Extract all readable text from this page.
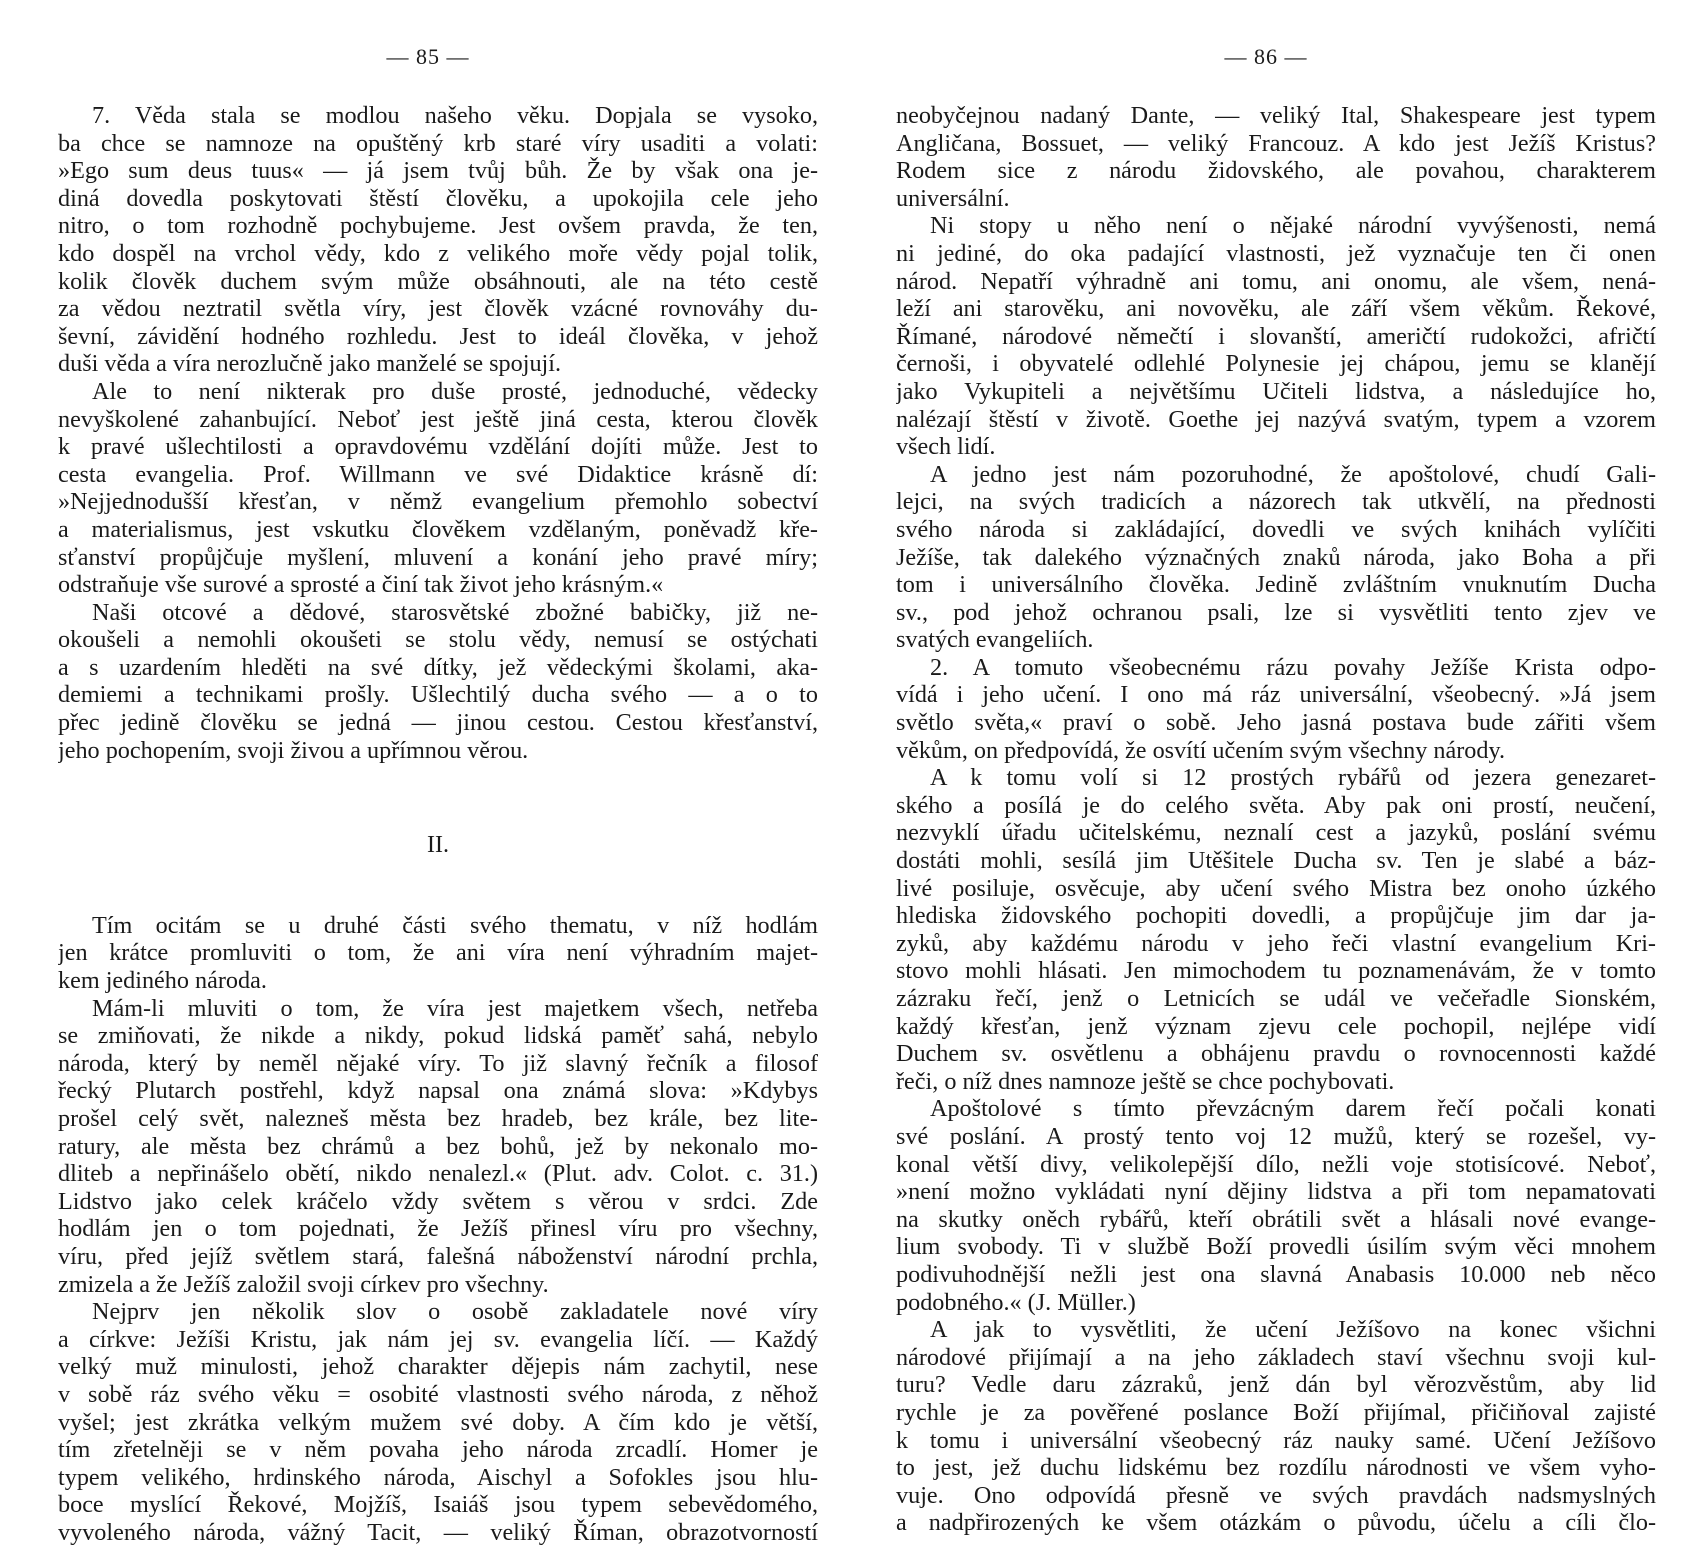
— 85 —
7. Věda stala se modlou našeho věku. Dopjala se vysoko,
ba chce se namnoze na opuštěný krb staré víry usaditi a volati:
»Ego sum deus tuus« — já jsem tvůj bůh. Že by však ona je-
diná dovedla poskytovati štěstí člověku, a upokojila cele jeho
nitro, o tom rozhodně pochybujeme. Jest ovšem pravda, že ten,
kdo dospěl na vrchol vědy, kdo z velikého moře vědy pojal tolik,
kolik člověk duchem svým může obsáhnouti, ale na této cestě
za vědou neztratil světla víry, jest člověk vzácné rovnováhy du-
ševní, závidění hodného rozhledu. Jest to ideál člověka, v jehož
duši věda a víra nerozlučně jako manželé se spojují.
Ale to není nikterak pro duše prosté, jednoduché, vědecky
nevyškolené zahanbující. Neboť jest ještě jiná cesta, kterou člověk
k pravé ušlechtilosti a opravdovému vzdělání dojíti může. Jest to
cesta evangelia. Prof. Willmann ve své Didaktice krásně dí:
»Nejjednodušší křesťan, v němž evangelium přemohlo sobectví
a materialismus, jest vskutku člověkem vzdělaným, poněvadž kře-
sťanství propůjčuje myšlení, mluvení a konání jeho pravé míry;
odstraňuje vše surové a sprosté a činí tak život jeho krásným.«
Naši otcové a dědové, starosvětské zbožné babičky, již ne-
okoušeli a nemohli okoušeti se stolu vědy, nemusí se ostýchati
a s uzardením hleděti na své dítky, jež vědeckými školami, aka-
demiemi a technikami prošly. Ušlechtilý ducha svého — a o to
přec jedině člověku se jedná — jinou cestou. Cestou křesťanství,
jeho pochopením, svoji živou a upřímnou věrou.
II.
Tím ocitám se u druhé části svého thematu, v níž hodlám
jen krátce promluviti o tom, že ani víra není výhradním majet-
kem jediného národa.
Mám-li mluviti o tom, že víra jest majetkem všech, netřeba
se zmiňovati, že nikde a nikdy, pokud lidská paměť sahá, nebylo
národa, který by neměl nějaké víry. To již slavný řečník a filosof
řecký Plutarch postřehl, když napsal ona známá slova: »Kdybys
prošel celý svět, nalezneš města bez hradeb, bez krále, bez lite-
ratury, ale města bez chrámů a bez bohů, jež by nekonalo mo-
dliteb a nepřinášelo obětí, nikdo nenalezl.« (Plut. adv. Colot. c. 31.)
Lidstvo jako celek kráčelo vždy světem s věrou v srdci. Zde
hodlám jen o tom pojednati, že Ježíš přinesl víru pro všechny,
víru, před jejíž světlem stará, falešná náboženství národní prchla,
zmizela a že Ježíš založil svoji církev pro všechny.
Nejprv jen několik slov o osobě zakladatele nové víry
a církve: Ježíši Kristu, jak nám jej sv. evangelia líčí. — Každý
velký muž minulosti, jehož charakter dějepis nám zachytil, nese
v sobě ráz svého věku = osobité vlastnosti svého národa, z něhož
vyšel; jest zkrátka velkým mužem své doby. A čím kdo je větší,
tím zřetelněji se v něm povaha jeho národa zrcadlí. Homer je
typem velikého, hrdinského národa, Aischyl a Sofokles jsou hlu-
boce myslící Řekové, Mojžíš, Isaiáš jsou typem sebevědomého,
vyvoleného národa, vážný Tacit, — veliký Říman, obrazotvorností
— 86 —
neobyčejnou nadaný Dante, — veliký Ital, Shakespeare jest typem
Angličana, Bossuet, — veliký Francouz. A kdo jest Ježíš Kristus?
Rodem sice z národu židovského, ale povahou, charakterem
universální.
Ni stopy u něho není o nějaké národní vyvýšenosti, nemá
ni jediné, do oka padající vlastnosti, jež vyznačuje ten či onen
národ. Nepatří výhradně ani tomu, ani onomu, ale všem, nená-
leží ani starověku, ani novověku, ale září všem věkům. Řekové,
Římané, národové němečtí i slovanští, američtí rudokožci, afričtí
černoši, i obyvatelé odlehlé Polynesie jej chápou, jemu se klanějí
jako Vykupiteli a největšímu Učiteli lidstva, a následujíce ho,
nalézají štěstí v životě. Goethe jej nazývá svatým, typem a vzorem
všech lidí.
A jedno jest nám pozoruhodné, že apoštolové, chudí Gali-
lejci, na svých tradicích a názorech tak utkvělí, na přednosti
svého národa si zakládající, dovedli ve svých knihách vylíčiti
Ježíše, tak dalekého význačných znaků národa, jako Boha a při
tom i universálního člověka. Jedině zvláštním vnuknutím Ducha
sv., pod jehož ochranou psali, lze si vysvětliti tento zjev ve
svatých evangeliích.
2. A tomuto všeobecnému rázu povahy Ježíše Krista odpo-
vídá i jeho učení. I ono má ráz universální, všeobecný. »Já jsem
světlo světa,« praví o sobě. Jeho jasná postava bude zářiti všem
věkům, on předpovídá, že osvítí učením svým všechny národy.
A k tomu volí si 12 prostých rybářů od jezera genezaret-
ského a posílá je do celého světa. Aby pak oni prostí, neučení,
nezvyklí úřadu učitelskému, neznalí cest a jazyků, poslání svému
dostáti mohli, sesílá jim Utěšitele Ducha sv. Ten je slabé a báz-
livé posiluje, osvěcuje, aby učení svého Mistra bez onoho úzkého
hlediska židovského pochopiti dovedli, a propůjčuje jim dar ja-
zyků, aby každému národu v jeho řeči vlastní evangelium Kri-
stovo mohli hlásati. Jen mimochodem tu poznamenávám, že v tomto
zázraku řečí, jenž o Letnicích se udál ve večeřadle Sionském,
každý křesťan, jenž význam zjevu cele pochopil, nejlépe vidí
Duchem sv. osvětlenu a obhájenu pravdu o rovnocennosti každé
řeči, o níž dnes namnoze ještě se chce pochybovati.
Apoštolové s tímto převzácným darem řečí počali konati
své poslání. A prostý tento voj 12 mužů, který se rozešel, vy-
konal větší divy, velikolepější dílo, nežli voje stotisícové. Neboť,
»není možno vykládati nyní dějiny lidstva a při tom nepamatovati
na skutky oněch rybářů, kteří obrátili svět a hlásali nové evange-
lium svobody. Ti v službě Boží provedli úsilím svým věci mnohem
podivuhodnější nežli jest ona slavná Anabasis 10.000 neb něco
podobného.« (J. Müller.)
A jak to vysvětliti, že učení Ježíšovo na konec všichni
národové přijímají a na jeho základech staví všechnu svoji kul-
turu? Vedle daru zázraků, jenž dán byl věrozvěstům, aby lid
rychle je za pověřené poslance Boží přijímal, přičiňoval zajisté
k tomu i universální všeobecný ráz nauky samé. Učení Ježíšovo
to jest, jež duchu lidskému bez rozdílu národnosti ve všem vyho-
vuje. Ono odpovídá přesně ve svých pravdách nadsmyslných
a nadpřirozených ke všem otázkám o původu, účelu a cíli člo-
